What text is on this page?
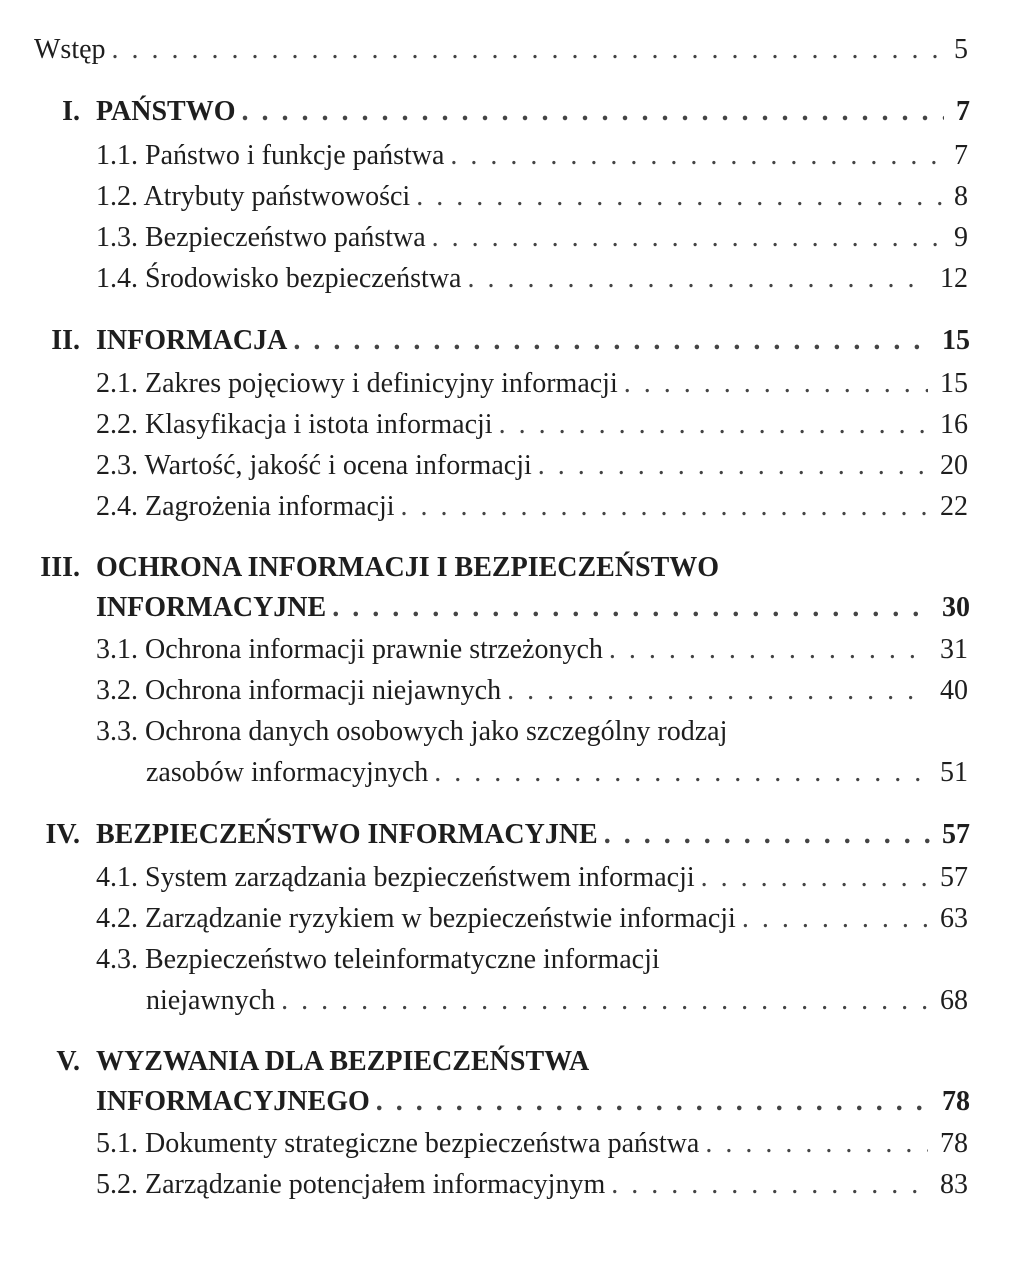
Wstęp . . .	5
I. PAŃSTWO . . .	7
1.1. Państwo i funkcje państwa . . .	7
1.2. Atrybuty państwowości . . .	8
1.3. Bezpieczeństwo państwa . . .	9
1.4. Środowisko bezpieczeństwa . . .	12
II. INFORMACJA . . .	15
2.1. Zakres pojęciowy i definicyjny informacji . . .	15
2.2. Klasyfikacja i istota informacji . . .	16
2.3. Wartość, jakość i ocena informacji . . .	20
2.4. Zagrożenia informacji . . .	22
III. OCHRONA INFORMACJI I BEZPIECZEŃSTWO
INFORMACYJNE . . .	30
3.1. Ochrona informacji prawnie strzeżonych . . .	31
3.2. Ochrona informacji niejawnych . . .	40
3.3. Ochrona danych osobowych jako szczególny rodzaj
zasobów informacyjnych . . .	51
IV. BEZPIECZEŃSTWO INFORMACYJNE . . .	57
4.1. System zarządzania bezpieczeństwem informacji . . .	57
4.2. Zarządzanie ryzykiem w bezpieczeństwie informacji . . .	63
4.3. Bezpieczeństwo teleinformatyczne informacji
niejawnych . . .	68
V. WYZWANIA DLA BEZPIECZEŃSTWA
INFORMACYJNEGO . . .	78
5.1. Dokumenty strategiczne bezpieczeństwa państwa . . .	78
5.2. Zarządzanie potencjałem informacyjnym . . .	83
